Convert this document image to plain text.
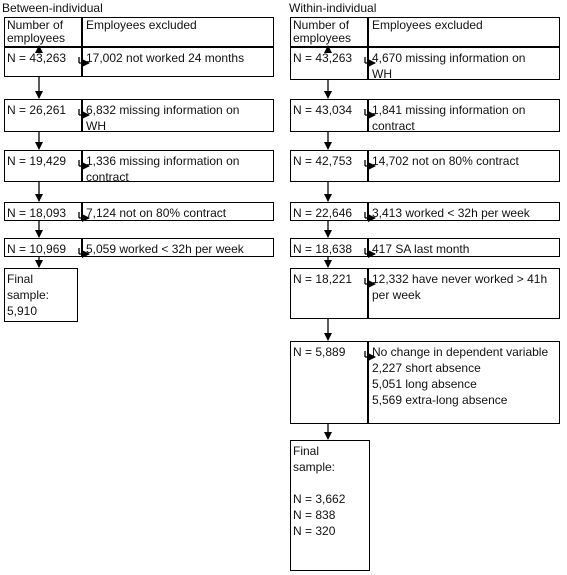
Between-individual	Within-individual
Number of
employees
Employees excluded
N = 43,263 17,002 not worked 24 months
N = 26,261 6,832 missing information on
WH
N = 19,429 1,336 missing information on
contract
N = 18,093 7,124 not on 80% contract
N = 10,969 5,059 worked < 32h per week
Final
sample:
5,910
Number of
employees
Employees excluded
N = 43,263 4,670 missing information on
WH
N = 43,034 1,841 missing information on
contract
N = 42,753 14,702 not on 80% contract
N = 22,646 3,413 worked < 32h per week
N = 18,638 417 SA last month
N = 18,221 12,332 have never worked > 41h
per week
N = 5,889 No change in dependent variable
2,227 short absence
5,051 long absence
5,569 extra-long absence
Final
sample:
N = 3,662
N = 838
N = 320
